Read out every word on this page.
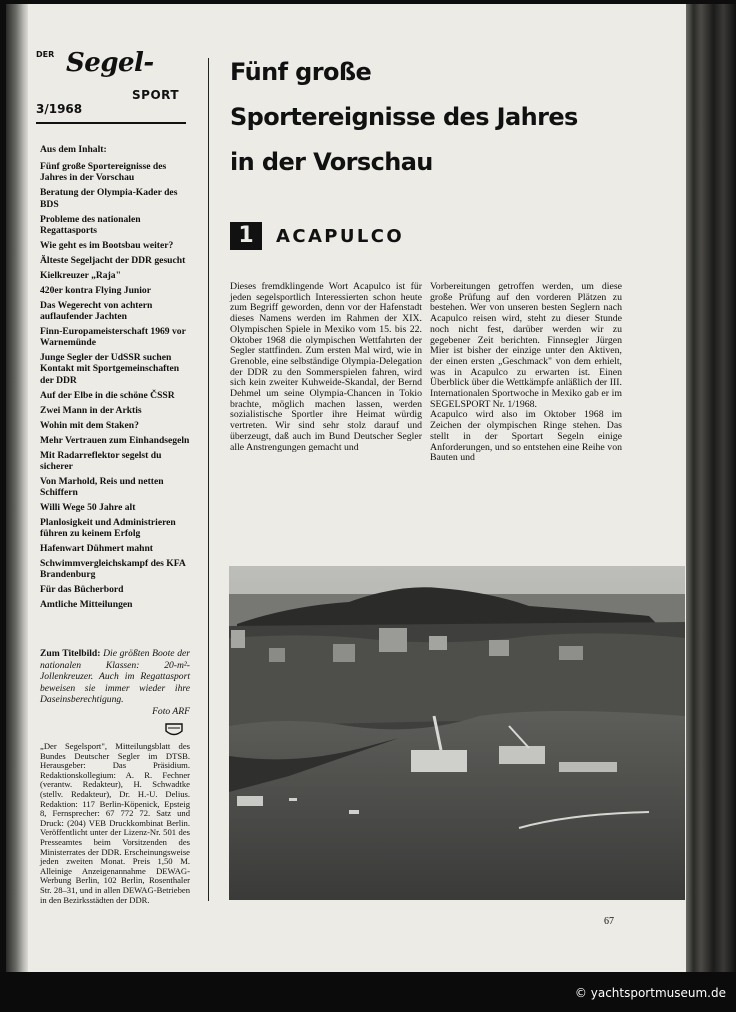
DER Segel-
SPORT
3/1968
Aus dem Inhalt:
Fünf große Sportereignisse des Jahres in der Vorschau
Beratung der Olympia-Kader des BDS
Probleme des nationalen Regattasports
Wie geht es im Bootsbau weiter?
Älteste Segeljacht der DDR gesucht
Kielkreuzer „Raja"
420er kontra Flying Junior
Das Wegerecht von achtern auflaufender Jachten
Finn-Europameisterschaft 1969 vor Warnemünde
Junge Segler der UdSSR suchen Kontakt mit Sportgemeinschaften der DDR
Auf der Elbe in die schöne ČSSR
Zwei Mann in der Arktis
Wohin mit dem Staken?
Mehr Vertrauen zum Einhandsegeln
Mit Radarreflektor segelst du sicherer
Von Marhold, Reis und netten Schiffern
Willi Wege 50 Jahre alt
Planlosigkeit und Administrieren führen zu keinem Erfolg
Hafenwart Dühmert mahnt
Schwimmvergleichskampf des KFA Brandenburg
Für das Bücherbord
Amtliche Mitteilungen
Zum Titelbild: Die größten Boote der nationalen Klassen: 20-m²-Jollenkreuzer. Auch im Regattasport beweisen sie immer wieder ihre Daseinsberechtigung.
Foto ARF
„Der Segelsport", Mitteilungsblatt des Bundes Deutscher Segler im DTSB. Herausgeber: Das Präsidium. Redaktionskollegium: A. R. Fechner (verantw. Redakteur), H. Schwadtke (stellv. Redakteur), Dr. H.-U. Delius. Redaktion: 117 Berlin-Köpenick, Epsteig 8, Fernsprecher: 67 772 72. Satz und Druck: (204) VEB Druckkombinat Berlin. Veröffentlicht unter der Lizenz-Nr. 501 des Presseamtes beim Vorsitzenden des Ministerrates der DDR. Erscheinungsweise jeden zweiten Monat. Preis 1,50 M. Alleinige Anzeigenannahme DEWAG-Werbung Berlin, 102 Berlin, Rosenthaler Str. 28–31, und in allen DEWAG-Betrieben in den Bezirksstädten der DDR.
Fünf große
Sportereignisse des Jahres
in der Vorschau
1	ACAPULCO

Dieses fremdklingende Wort Acapulco ist für jeden segelsportlich Interessierten schon heute zum Begriff geworden, denn vor der Hafenstadt dieses Namens werden im Rahmen der XIX. Olympischen Spiele in Mexiko vom 15. bis 22. Oktober 1968 die olympischen Wettfahrten der Segler stattfinden. Zum ersten Mal wird, wie in Grenoble, eine selbständige Olympia-Delegation der DDR zu den Sommerspielen fahren, wird sich kein zweiter Kuhweide-Skandal, der Bernd Dehmel um seine Olympia-Chancen in Tokio brachte, möglich machen lassen, werden sozialistische Sportler ihre Heimat würdig vertreten. Wir sind sehr stolz darauf und überzeugt, daß auch im Bund Deutscher Segler alle Anstrengungen gemacht und

Vorbereitungen getroffen werden, um diese große Prüfung auf den vorderen Plätzen zu bestehen. Wer von unseren besten Seglern nach Acapulco reisen wird, steht zu dieser Stunde noch nicht fest, darüber werden wir zu gegebener Zeit berichten. Finnsegler Jürgen Mier ist bisher der einzige unter den Aktiven, der einen ersten „Geschmack" von dem erhielt, was in Acapulco zu erwarten ist. Einen Überblick über die Wettkämpfe anläßlich der III. Internationalen Sportwoche in Mexiko gab er im SEGELSPORT Nr. 1/1968.

Acapulco wird also im Oktober 1968 im Zeichen der olympischen Ringe stehen. Das stellt in der Sportart Segeln einige Anforderungen, und so entstehen eine Reihe von Bauten und

67
© yachtsportmuseum.de
